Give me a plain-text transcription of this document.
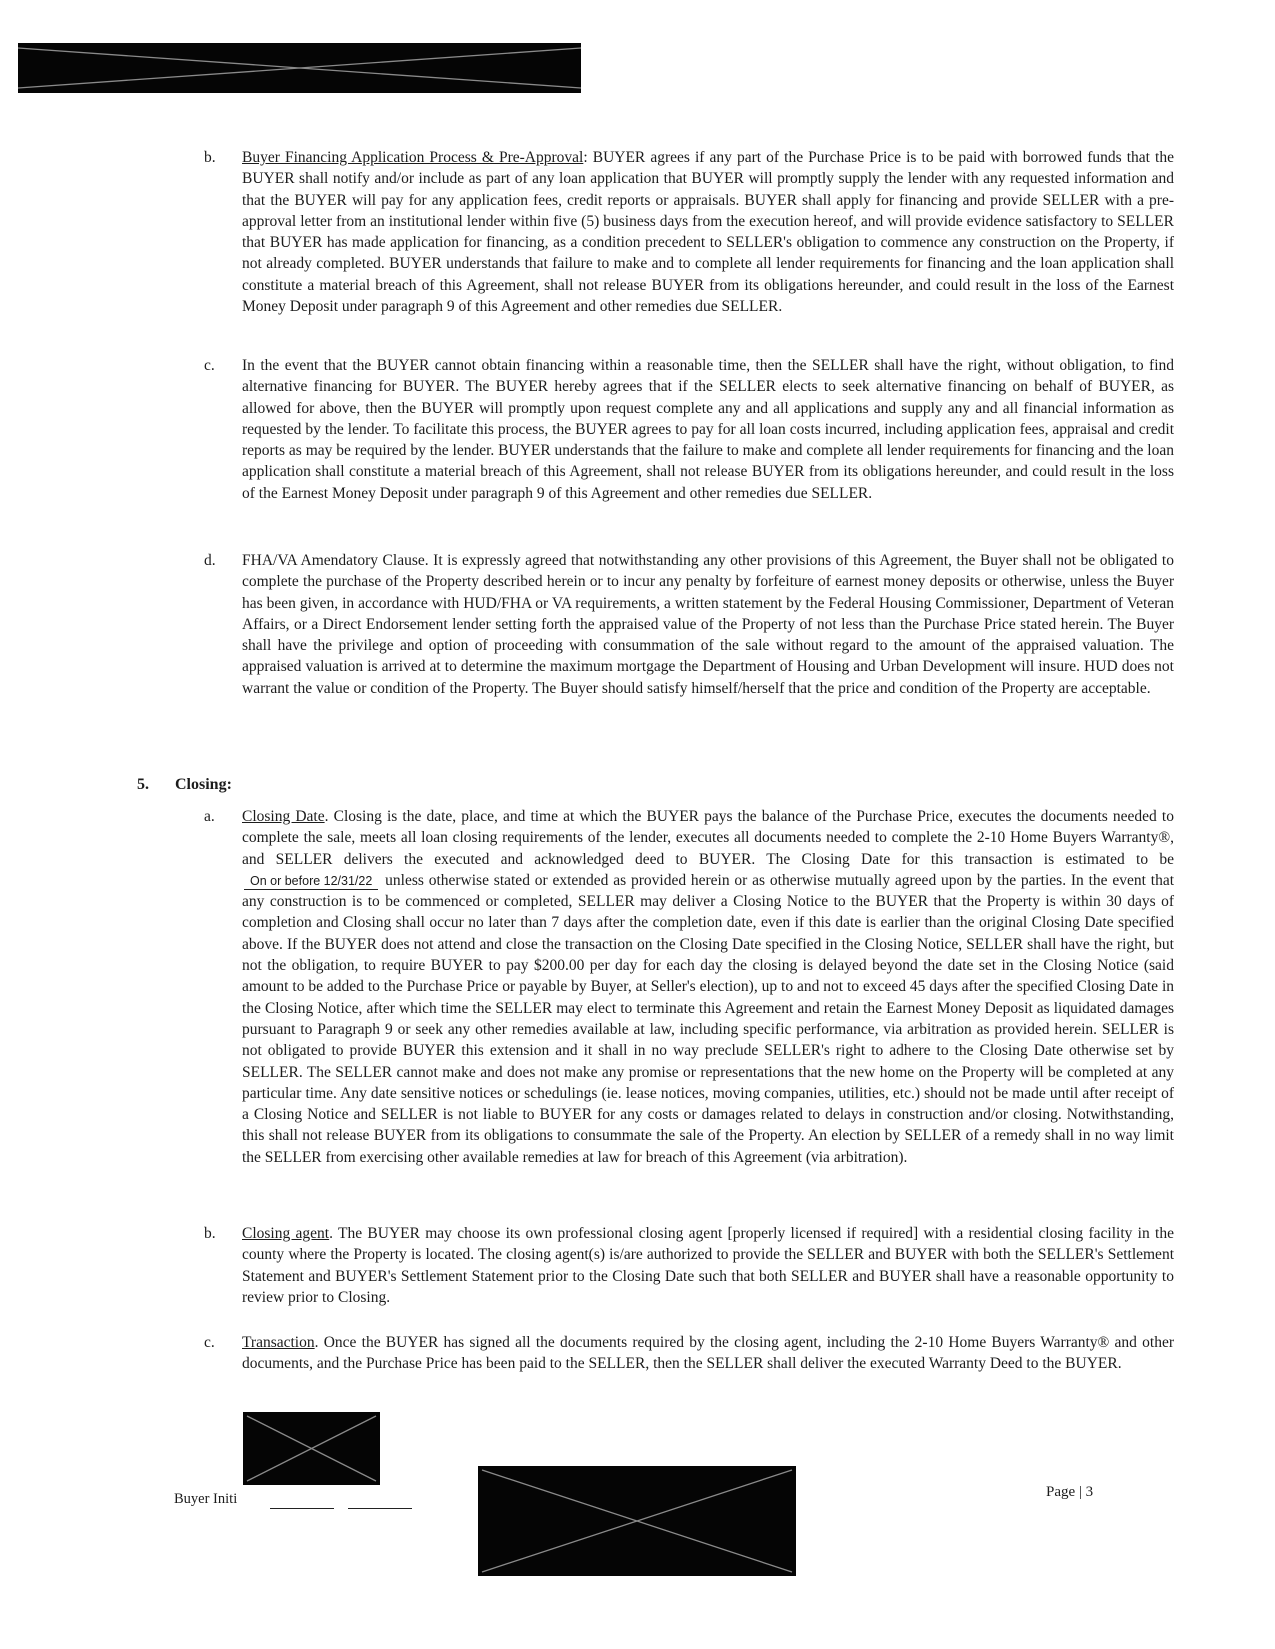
b.	Buyer Financing Application Process & Pre-Approval: BUYER agrees if any part of the Purchase Price is to be paid with borrowed funds that the BUYER shall notify and/or include as part of any loan application that BUYER will promptly supply the lender with any requested information and that the BUYER will pay for any application fees, credit reports or appraisals. BUYER shall apply for financing and provide SELLER with a pre-approval letter from an institutional lender within five (5) business days from the execution hereof, and will provide evidence satisfactory to SELLER that BUYER has made application for financing, as a condition precedent to SELLER's obligation to commence any construction on the Property, if not already completed. BUYER understands that failure to make and to complete all lender requirements for financing and the loan application shall constitute a material breach of this Agreement, shall not release BUYER from its obligations hereunder, and could result in the loss of the Earnest Money Deposit under paragraph 9 of this Agreement and other remedies due SELLER.
c.	In the event that the BUYER cannot obtain financing within a reasonable time, then the SELLER shall have the right, without obligation, to find alternative financing for BUYER. The BUYER hereby agrees that if the SELLER elects to seek alternative financing on behalf of BUYER, as allowed for above, then the BUYER will promptly upon request complete any and all applications and supply any and all financial information as requested by the lender. To facilitate this process, the BUYER agrees to pay for all loan costs incurred, including application fees, appraisal and credit reports as may be required by the lender. BUYER understands that the failure to make and complete all lender requirements for financing and the loan application shall constitute a material breach of this Agreement, shall not release BUYER from its obligations hereunder, and could result in the loss of the Earnest Money Deposit under paragraph 9 of this Agreement and other remedies due SELLER.
d.	FHA/VA Amendatory Clause. It is expressly agreed that notwithstanding any other provisions of this Agreement, the Buyer shall not be obligated to complete the purchase of the Property described herein or to incur any penalty by forfeiture of earnest money deposits or otherwise, unless the Buyer has been given, in accordance with HUD/FHA or VA requirements, a written statement by the Federal Housing Commissioner, Department of Veteran Affairs, or a Direct Endorsement lender setting forth the appraised value of the Property of not less than the Purchase Price stated herein. The Buyer shall have the privilege and option of proceeding with consummation of the sale without regard to the amount of the appraised valuation. The appraised valuation is arrived at to determine the maximum mortgage the Department of Housing and Urban Development will insure. HUD does not warrant the value or condition of the Property. The Buyer should satisfy himself/herself that the price and condition of the Property are acceptable.
5. Closing:
a.	Closing Date. Closing is the date, place, and time at which the BUYER pays the balance of the Purchase Price, executes the documents needed to complete the sale, meets all loan closing requirements of the lender, executes all documents needed to complete the 2-10 Home Buyers Warranty®, and SELLER delivers the executed and acknowledged deed to BUYER. The Closing Date for this transaction is estimated to be On or before 12/31/22 unless otherwise stated or extended as provided herein or as otherwise mutually agreed upon by the parties. In the event that any construction is to be commenced or completed, SELLER may deliver a Closing Notice to the BUYER that the Property is within 30 days of completion and Closing shall occur no later than 7 days after the completion date, even if this date is earlier than the original Closing Date specified above. If the BUYER does not attend and close the transaction on the Closing Date specified in the Closing Notice, SELLER shall have the right, but not the obligation, to require BUYER to pay $200.00 per day for each day the closing is delayed beyond the date set in the Closing Notice (said amount to be added to the Purchase Price or payable by Buyer, at Seller's election), up to and not to exceed 45 days after the specified Closing Date in the Closing Notice, after which time the SELLER may elect to terminate this Agreement and retain the Earnest Money Deposit as liquidated damages pursuant to Paragraph 9 or seek any other remedies available at law, including specific performance, via arbitration as provided herein. SELLER is not obligated to provide BUYER this extension and it shall in no way preclude SELLER's right to adhere to the Closing Date otherwise set by SELLER. The SELLER cannot make and does not make any promise or representations that the new home on the Property will be completed at any particular time. Any date sensitive notices or schedulings (ie. lease notices, moving companies, utilities, etc.) should not be made until after receipt of a Closing Notice and SELLER is not liable to BUYER for any costs or damages related to delays in construction and/or closing. Notwithstanding, this shall not release BUYER from its obligations to consummate the sale of the Property. An election by SELLER of a remedy shall in no way limit the SELLER from exercising other available remedies at law for breach of this Agreement (via arbitration).
b.	Closing agent. The BUYER may choose its own professional closing agent [properly licensed if required] with a residential closing facility in the county where the Property is located. The closing agent(s) is/are authorized to provide the SELLER and BUYER with both the SELLER's Settlement Statement and BUYER's Settlement Statement prior to the Closing Date such that both SELLER and BUYER shall have a reasonable opportunity to review prior to Closing.
c.	Transaction. Once the BUYER has signed all the documents required by the closing agent, including the 2-10 Home Buyers Warranty® and other documents, and the Purchase Price has been paid to the SELLER, then the SELLER shall deliver the executed Warranty Deed to the BUYER.
Buyer Initi	Page | 3
